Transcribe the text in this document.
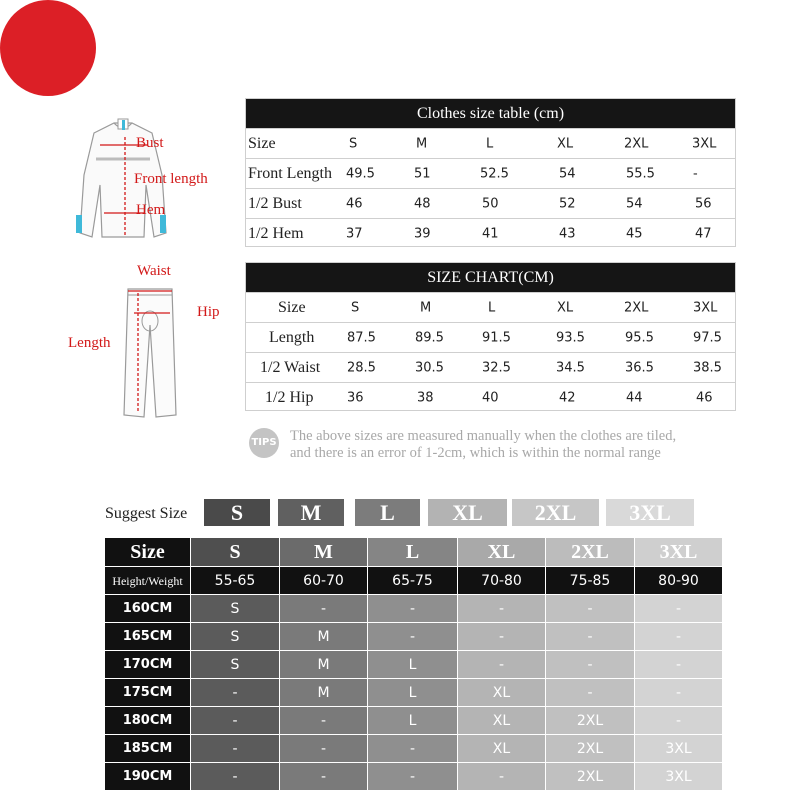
ASIAN
SIZE
Bust
Front length
Hem
Waist
Hip
Length
Clothes size table (cm)
Size	S	M	L	XL	2XL	3XL
Front Length 49.5	51	52.5	54	55.5	-
1/2 Bust	46	48	50	52	54	56
1/2 Hem	37	39	41	43	45	47
SIZE CHART(CM)
Size	S	M	L	XL	2XL	3XL
Length	87.5	89.5	91.5	93.5	95.5	97.5
1/2 Waist 28.5	30.5	32.5	34.5	36.5	38.5
1/2 Hip	36	38	40	42	44	46
TIPS The above sizes are measured manually when the clothes are tiled,
and there is an error of 1-2cm, which is within the normal range
Suggest Size	S	M	L	XL	2XL	3XL
Size	S	M	L	XL	2XL	3XL
Height/Weight	55-65	60-70	65-75	70-80	75-85	80-90
160CM	S	-	-	-	-	-
165CM	S	M	-	-	-	-
170CM	S	M	L	-	-	-
175CM	-	M	L	XL	-	-
180CM	-	-	L	XL	2XL	-
185CM	-	-	-	XL	2XL	3XL
190CM	-	-	-	-	2XL	3XL
